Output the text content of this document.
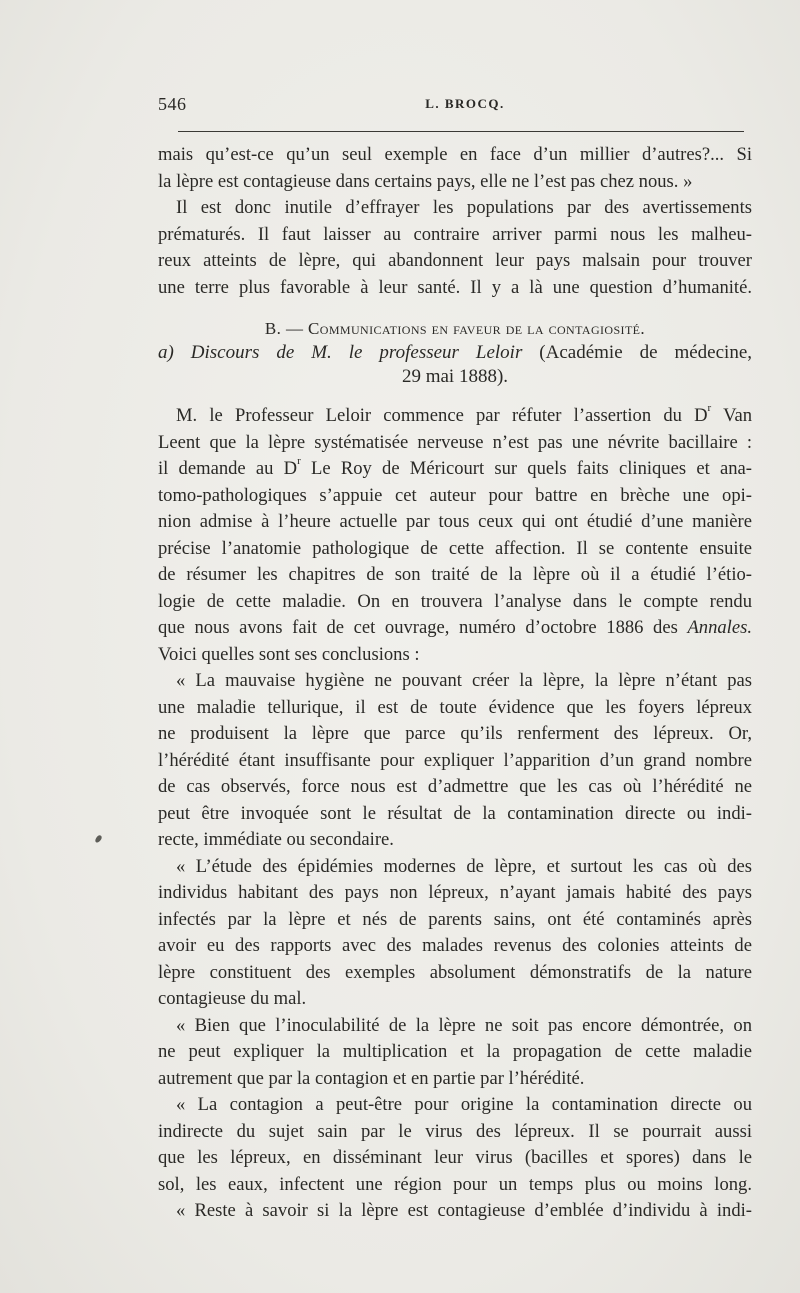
546	L. BROCQ.

mais qu’est-ce qu’un seul exemple en face d’un millier d’autres?... Si
la lèpre est contagieuse dans certains pays, elle ne l’est pas chez nous. »

Il est donc inutile d’effrayer les populations par des avertissements
prématurés. Il faut laisser au contraire arriver parmi nous les malheu-
reux atteints de lèpre, qui abandonnent leur pays malsain pour trouver
une terre plus favorable à leur santé. Il y a là une question d’humanité.

B. — Communications en faveur de la contagiosité.
a) Discours de M. le professeur Leloir (Académie de médecine,
29 mai 1888).

M. le Professeur Leloir commence par réfuter l’assertion du $D^r$ Van
Leent que la lèpre systématisée nerveuse n’est pas une névrite bacillaire :
il demande au $D^r$ Le Roy de Méricourt sur quels faits cliniques et ana-
tomo-pathologiques s’appuie cet auteur pour battre en brèche une opi-
nion admise à l’heure actuelle par tous ceux qui ont étudié d’une manière
précise l’anatomie pathologique de cette affection. Il se contente ensuite
de résumer les chapitres de son traité de la lèpre où il a étudié l’étio-
logie de cette maladie. On en trouvera l’analyse dans le compte rendu
que nous avons fait de cet ouvrage, numéro d’octobre 1886 des Annales.
Voici quelles sont ses conclusions :

« La mauvaise hygiène ne pouvant créer la lèpre, la lèpre n’étant pas
une maladie tellurique, il est de toute évidence que les foyers lépreux
ne produisent la lèpre que parce qu’ils renferment des lépreux. Or,
l’hérédité étant insuffisante pour expliquer l’apparition d’un grand nombre
de cas observés, force nous est d’admettre que les cas où l’hérédité ne
peut être invoquée sont le résultat de la contamination directe ou indi-
recte, immédiate ou secondaire.

« L’étude des épidémies modernes de lèpre, et surtout les cas où des
individus habitant des pays non lépreux, n’ayant jamais habité des pays
infectés par la lèpre et nés de parents sains, ont été contaminés après
avoir eu des rapports avec des malades revenus des colonies atteints de
lèpre constituent des exemples absolument démonstratifs de la nature
contagieuse du mal.

« Bien que l’inoculabilité de la lèpre ne soit pas encore démontrée, on
ne peut expliquer la multiplication et la propagation de cette maladie
autrement que par la contagion et en partie par l’hérédité.

« La contagion a peut-être pour origine la contamination directe ou
indirecte du sujet sain par le virus des lépreux. Il se pourrait aussi
que les lépreux, en disséminant leur virus (bacilles et spores) dans le
sol, les eaux, infectent une région pour un temps plus ou moins long.

« Reste à savoir si la lèpre est contagieuse d’emblée d’individu à indi-
